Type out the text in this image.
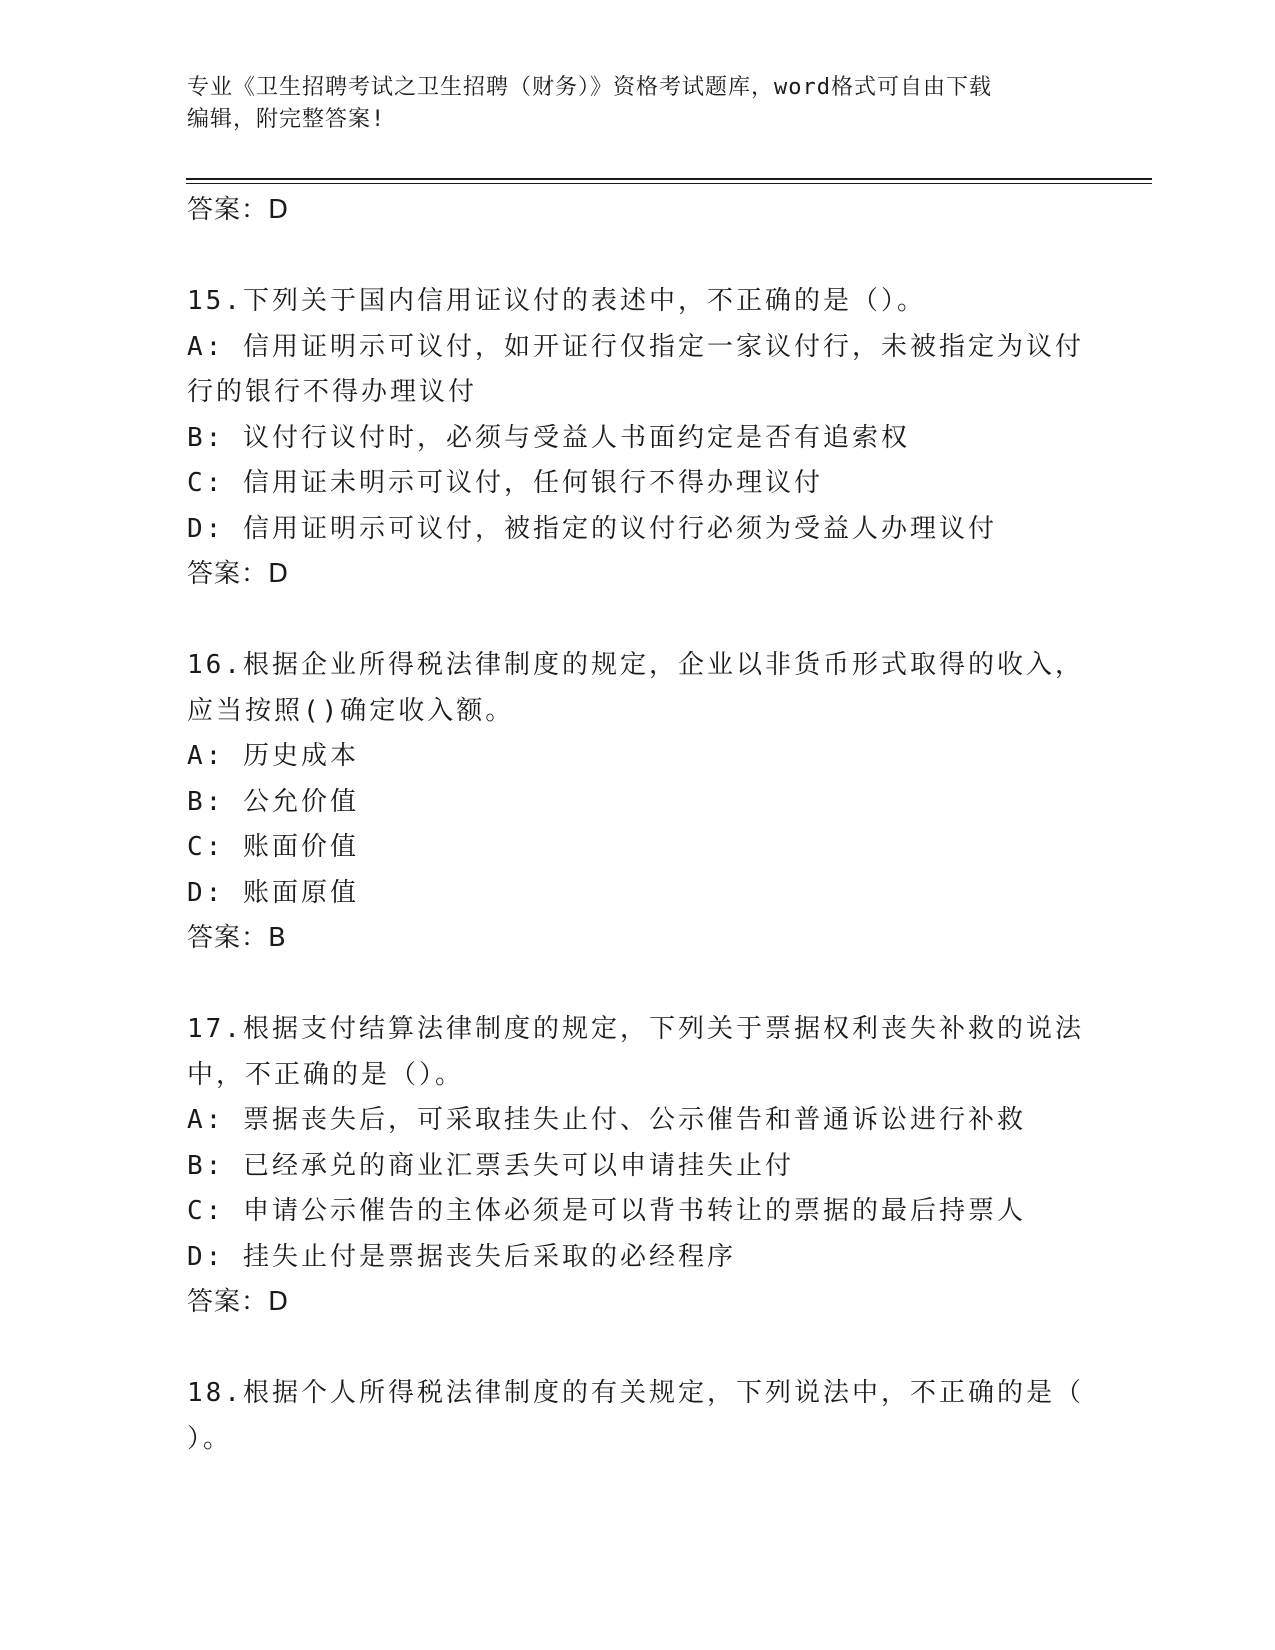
专业《卫生招聘考试之卫生招聘（财务）》资格考试题库，word格式可自由下载
编辑，附完整答案!
答案：D
15.下列关于国内信用证议付的表述中，不正确的是（）。
A: 信用证明示可议付，如开证行仅指定一家议付行，未被指定为议付
行的银行不得办理议付
B: 议付行议付时，必须与受益人书面约定是否有追索权
C: 信用证未明示可议付，任何银行不得办理议付
D: 信用证明示可议付，被指定的议付行必须为受益人办理议付
答案：D
16.根据企业所得税法律制度的规定，企业以非货币形式取得的收入，
应当按照()确定收入额。
A: 历史成本
B: 公允价值
C: 账面价值
D: 账面原值
答案：B
17.根据支付结算法律制度的规定，下列关于票据权利丧失补救的说法
中，不正确的是（）。
A: 票据丧失后，可采取挂失止付、公示催告和普通诉讼进行补救
B: 已经承兑的商业汇票丢失可以申请挂失止付
C: 申请公示催告的主体必须是可以背书转让的票据的最后持票人
D: 挂失止付是票据丧失后采取的必经程序
答案：D
18.根据个人所得税法律制度的有关规定，下列说法中，不正确的是（
）。
